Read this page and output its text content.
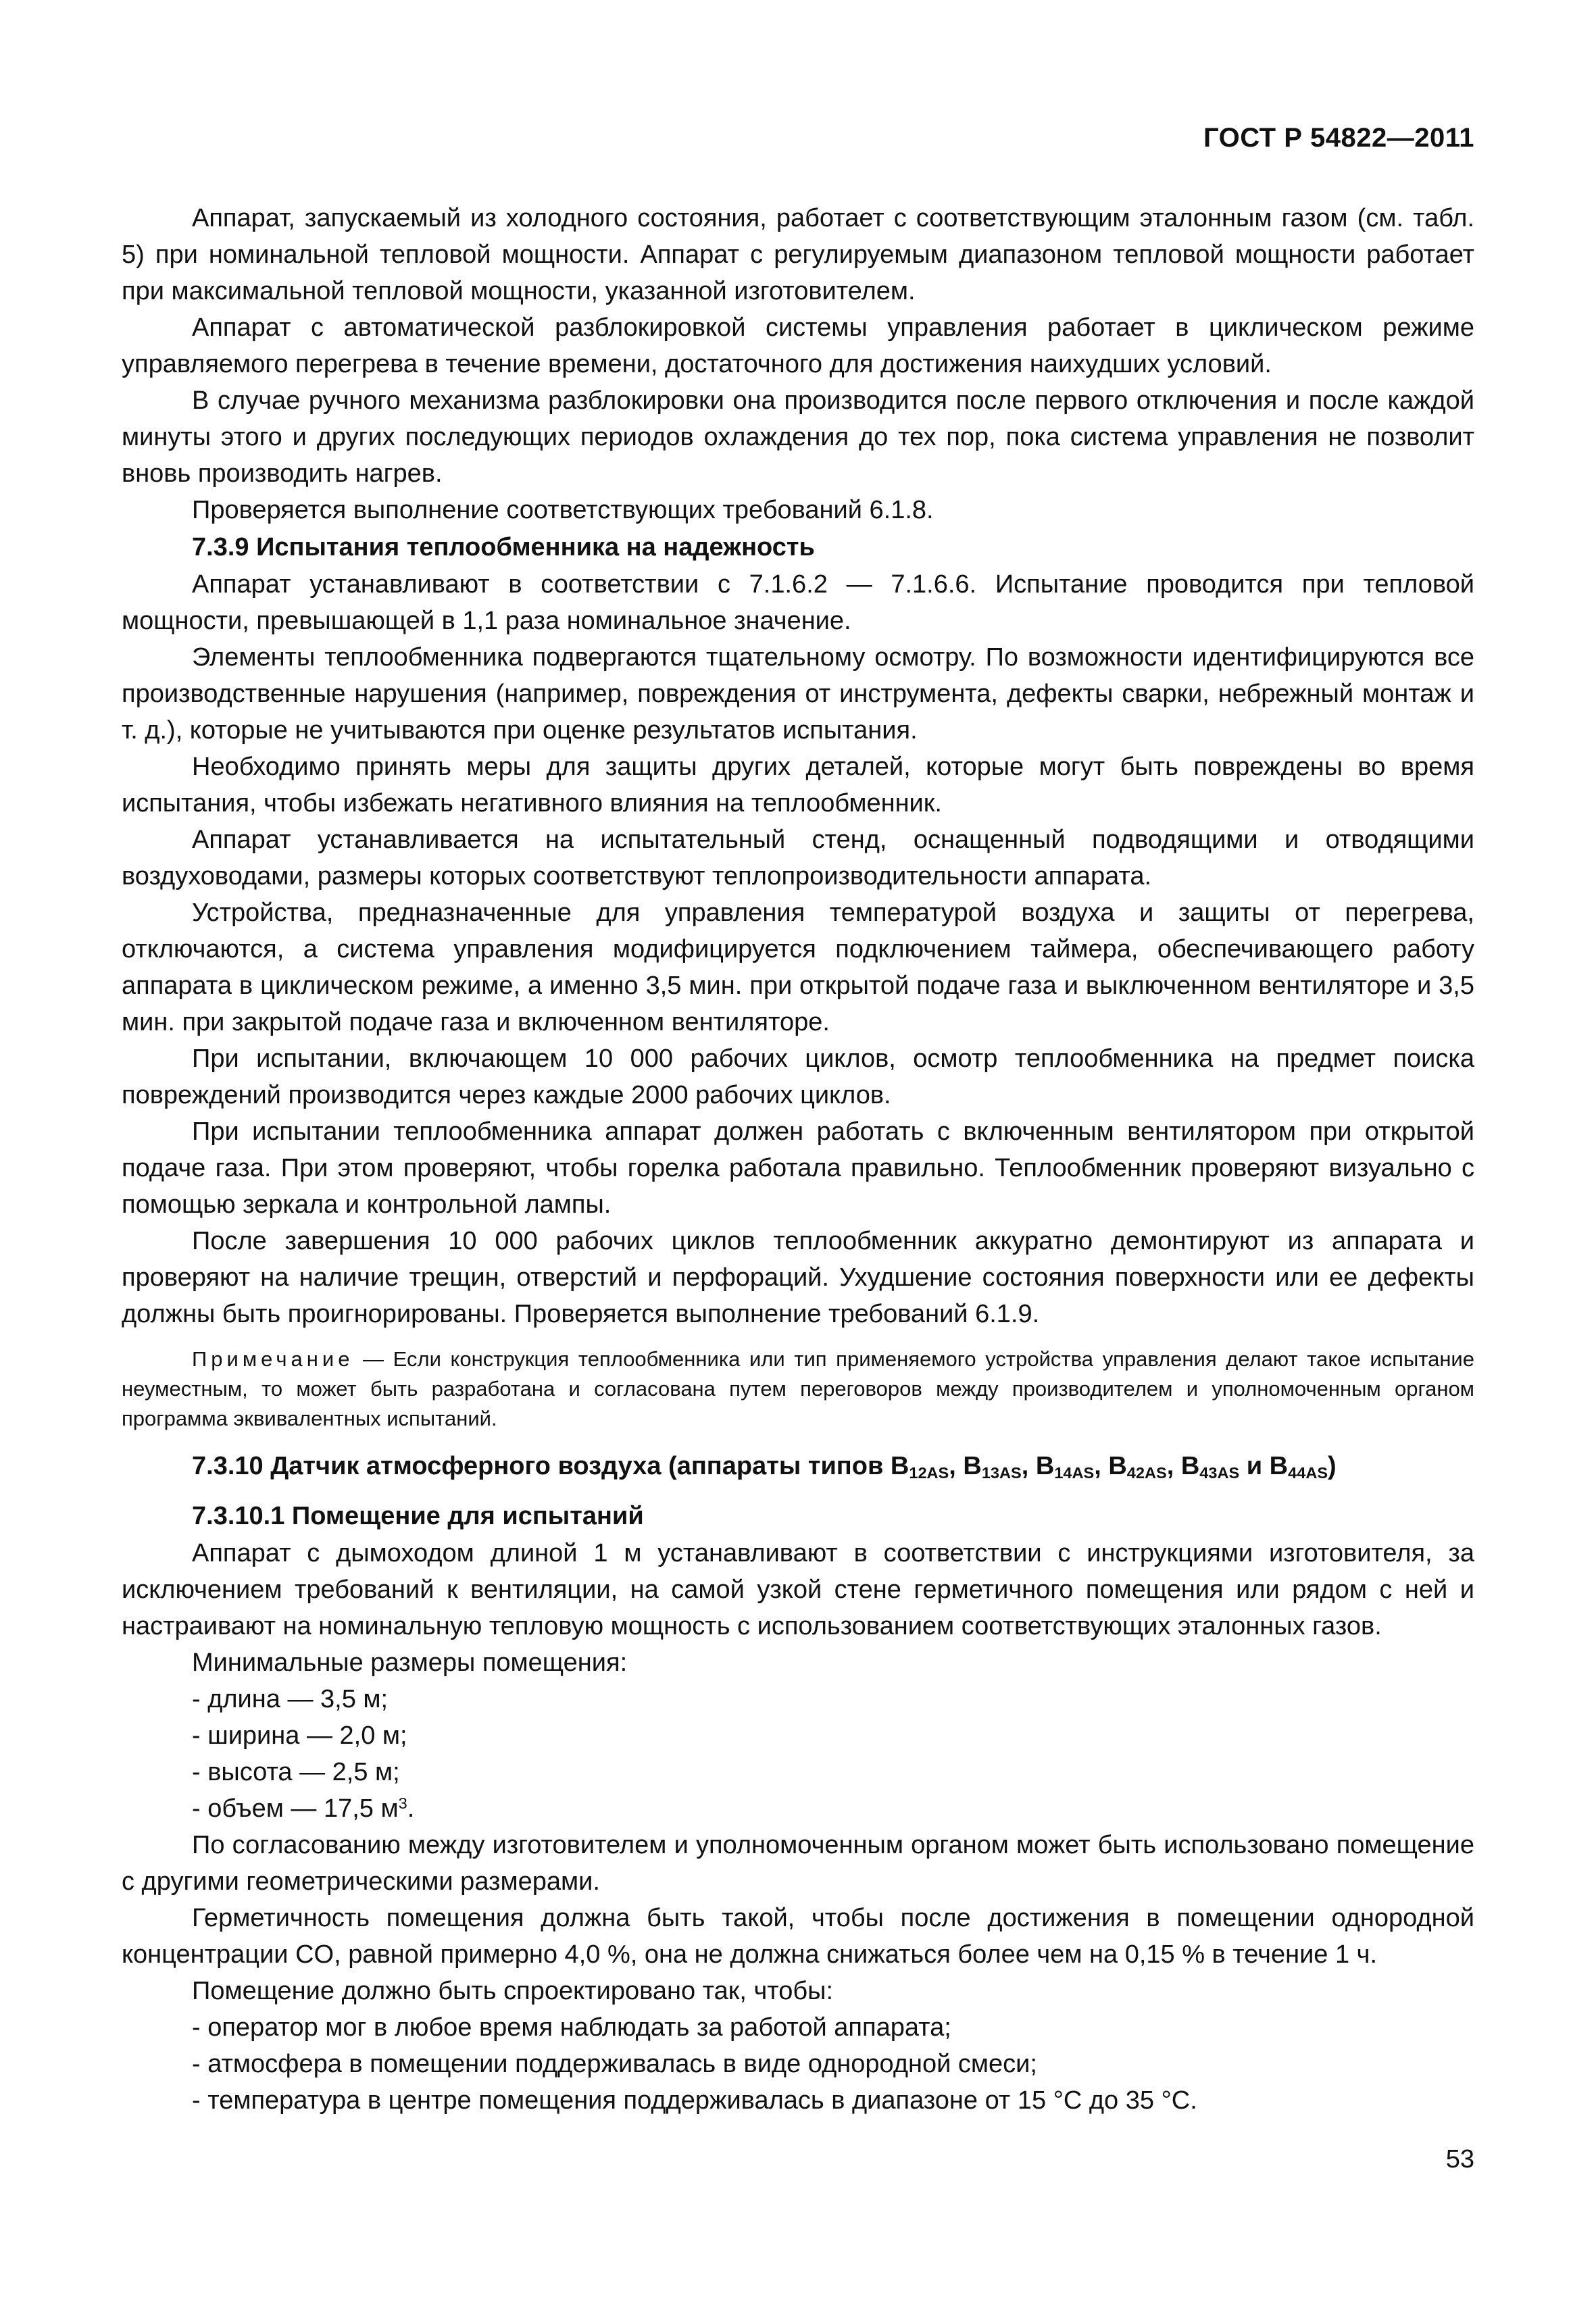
ГОСТ Р 54822—2011

Аппарат, запускаемый из холодного состояния, работает с соответствующим эталонным газом (см. табл. 5) при номинальной тепловой мощности. Аппарат с регулируемым диапазоном тепловой мощности работает при максимальной тепловой мощности, указанной изготовителем.

Аппарат с автоматической разблокировкой системы управления работает в циклическом режиме управляемого перегрева в течение времени, достаточного для достижения наихудших условий.

В случае ручного механизма разблокировки она производится после первого отключения и после каждой минуты этого и других последующих периодов охлаждения до тех пор, пока система управления не позволит вновь производить нагрев.

Проверяется выполнение соответствующих требований 6.1.8.

7.3.9 Испытания теплообменника на надежность

Аппарат устанавливают в соответствии с 7.1.6.2 — 7.1.6.6. Испытание проводится при тепловой мощности, превышающей в 1,1 раза номинальное значение.

Элементы теплообменника подвергаются тщательному осмотру. По возможности идентифицируются все производственные нарушения (например, повреждения от инструмента, дефекты сварки, небрежный монтаж и т. д.), которые не учитываются при оценке результатов испытания.

Необходимо принять меры для защиты других деталей, которые могут быть повреждены во время испытания, чтобы избежать негативного влияния на теплообменник.

Аппарат устанавливается на испытательный стенд, оснащенный подводящими и отводящими воздуховодами, размеры которых соответствуют теплопроизводительности аппарата.

Устройства, предназначенные для управления температурой воздуха и защиты от перегрева, отключаются, а система управления модифицируется подключением таймера, обеспечивающего работу аппарата в циклическом режиме, а именно 3,5 мин. при открытой подаче газа и выключенном вентиляторе и 3,5 мин. при закрытой подаче газа и включенном вентиляторе.

При испытании, включающем 10 000 рабочих циклов, осмотр теплообменника на предмет поиска повреждений производится через каждые 2000 рабочих циклов.

При испытании теплообменника аппарат должен работать с включенным вентилятором при открытой подаче газа. При этом проверяют, чтобы горелка работала правильно. Теплообменник проверяют визуально с помощью зеркала и контрольной лампы.

После завершения 10 000 рабочих циклов теплообменник аккуратно демонтируют из аппарата и проверяют на наличие трещин, отверстий и перфораций. Ухудшение состояния поверхности или ее дефекты должны быть проигнорированы. Проверяется выполнение требований 6.1.9.

Примечание — Если конструкция теплообменника или тип применяемого устройства управления делают такое испытание неуместным, то может быть разработана и согласована путем переговоров между производителем и уполномоченным органом программа эквивалентных испытаний.

7.3.10 Датчик атмосферного воздуха (аппараты типов $B_{12AS}$, $B_{13AS}$, $B_{14AS}$, $B_{42AS}$, $B_{43AS}$ и $B_{44AS}$)
7.3.10.1 Помещение для испытаний

Аппарат с дымоходом длиной 1 м устанавливают в соответствии с инструкциями изготовителя, за исключением требований к вентиляции, на самой узкой стене герметичного помещения или рядом с ней и настраивают на номинальную тепловую мощность с использованием соответствующих эталонных газов.

Минимальные размеры помещения:

- длина — 3,5 м;

- ширина — 2,0 м;

- высота — 2,5 м;

- объем — 17,5 $м^3$.

По согласованию между изготовителем и уполномоченным органом может быть использовано помещение с другими геометрическими размерами.

Герметичность помещения должна быть такой, чтобы после достижения в помещении однородной концентрации CO, равной примерно 4,0 %, она не должна снижаться более чем на 0,15 % в течение 1 ч.

Помещение должно быть спроектировано так, чтобы:

- оператор мог в любое время наблюдать за работой аппарата;

- атмосфера в помещении поддерживалась в виде однородной смеси;

- температура в центре помещения поддерживалась в диапазоне от 15 °С до 35 °С.

53
